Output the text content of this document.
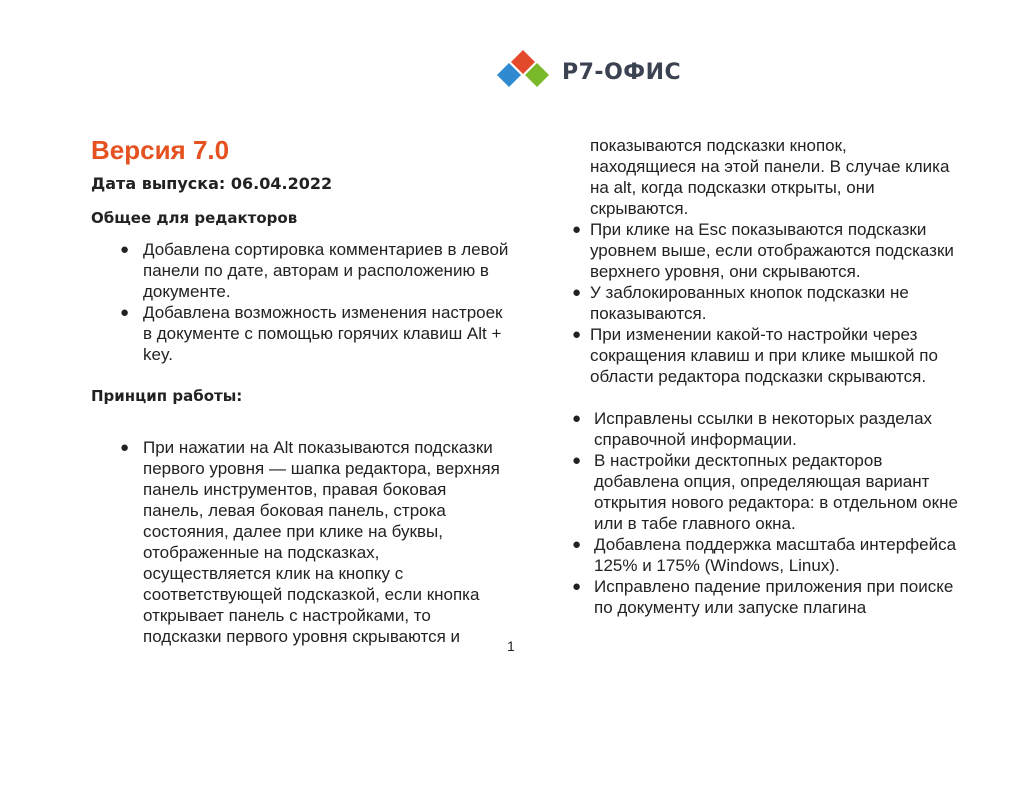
Р7-ОФИС
Версия 7.0
Дата выпуска: 06.04.2022
Общее для редакторов
● Добавлена сортировка комментариев в левой панели по дате, авторам и расположению в документе.
● Добавлена возможность изменения настроек в документе с помощью горячих клавиш Alt + key.
Принцип работы:
● При нажатии на Alt показываются подсказки первого уровня — шапка редактора, верхняя панель инструментов, правая боковая панель, левая боковая панель, строка состояния, далее при клике на буквы, отображенные на подсказках, осуществляется клик на кнопку с соответствующей подсказкой, если кнопка открывает панель с настройками, то подсказки первого уровня скрываются и
показываются подсказки кнопок, находящиеся на этой панели. В случае клика на alt, когда подсказки открыты, они скрываются.
● При клике на Esc показываются подсказки уровнем выше, если отображаются подсказки верхнего уровня, они скрываются.
● У заблокированных кнопок подсказки не показываются.
● При изменении какой-то настройки через сокращения клавиш и при клике мышкой по области редактора подсказки скрываются.
● Исправлены ссылки в некоторых разделах справочной информации.
● В настройки десктопных редакторов добавлена опция, определяющая вариант открытия нового редактора: в отдельном окне или в табе главного окна.
● Добавлена поддержка масштаба интерфейса 125% и 175% (Windows, Linux).
● Исправлено падение приложения при поиске по документу или запуске плагина
1
